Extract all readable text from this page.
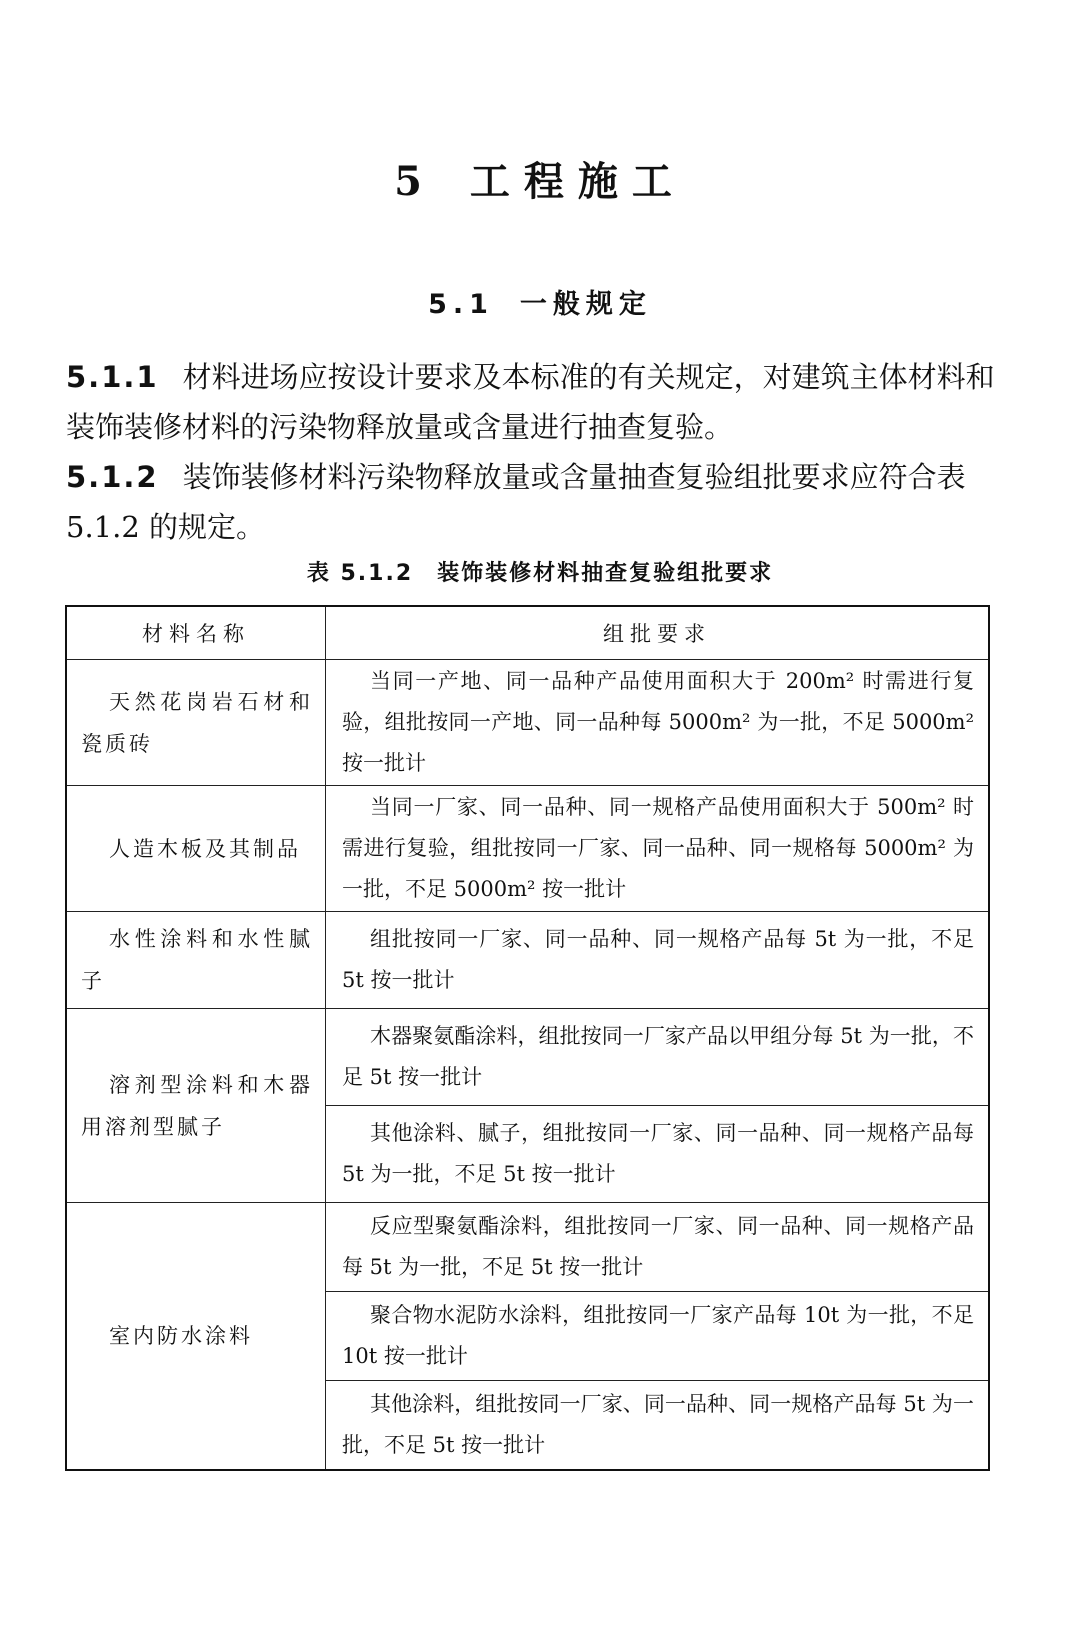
5 工程施工
5.1 一般规定
5.1.1 材料进场应按设计要求及本标准的有关规定，对建筑主体材料和装饰装修材料的污染物释放量或含量进行抽查复验。
5.1.2 装饰装修材料污染物释放量或含量抽查复验组批要求应符合表 5.1.2 的规定。
表 5.1.2 装饰装修材料抽查复验组批要求
材料名称	组批要求

天然花岗岩石材和瓷质砖	当同一产地、同一品种产品使用面积大于 200m² 时需进行复验，组批按同一产地、同一品种每 5000m² 为一批，不足 5000m² 按一批计

人造木板及其制品	当同一厂家、同一品种、同一规格产品使用面积大于 500m² 时需进行复验，组批按同一厂家、同一品种、同一规格每 5000m² 为一批，不足 5000m² 按一批计

水性涂料和水性腻子	组批按同一厂家、同一品种、同一规格产品每 5t 为一批，不足 5t 按一批计

溶剂型涂料和木器用溶剂型腻子	木器聚氨酯涂料，组批按同一厂家产品以甲组分每 5t 为一批，不足 5t 按一批计

	其他涂料、腻子，组批按同一厂家、同一品种、同一规格产品每 5t 为一批，不足 5t 按一批计

室内防水涂料	反应型聚氨酯涂料，组批按同一厂家、同一品种、同一规格产品每 5t 为一批，不足 5t 按一批计

	聚合物水泥防水涂料，组批按同一厂家产品每 10t 为一批，不足 10t 按一批计

	其他涂料，组批按同一厂家、同一品种、同一规格产品每 5t 为一批，不足 5t 按一批计
